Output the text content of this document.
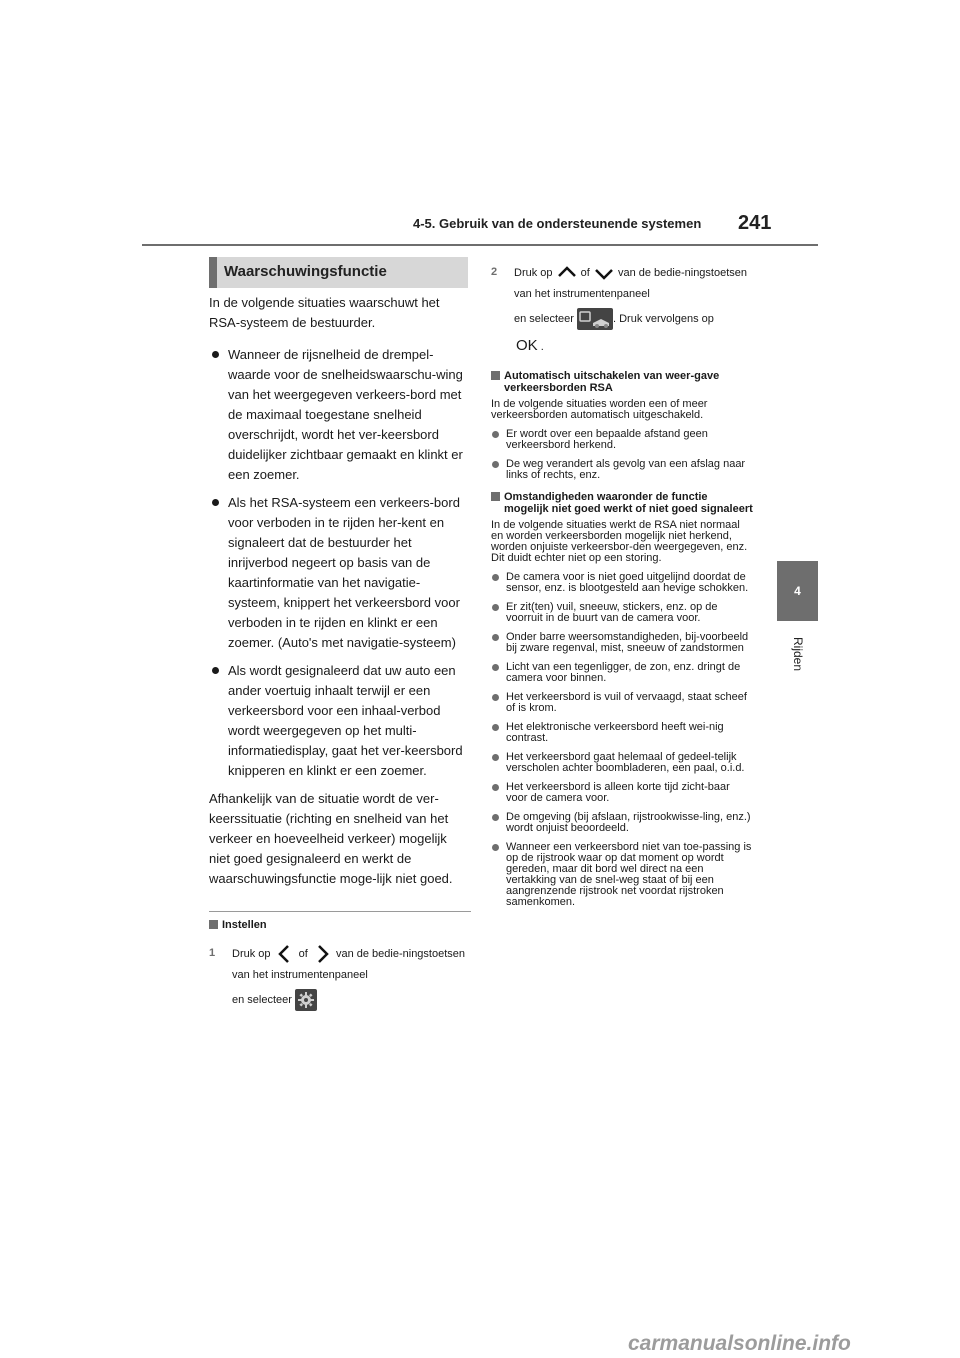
4-5. Gebruik van de ondersteunende systemen 241
4
Rijden
Waarschuwingsfunctie

In de volgende situaties waarschuwt het RSA-systeem de bestuurder.

Wanneer de rijsnelheid de drempel-waarde voor de snelheidswaarschu-wing van het weergegeven verkeers-bord met de maximaal toegestane snelheid overschrijdt, wordt het ver-keersbord duidelijker zichtbaar gemaakt en klinkt er een zoemer.
Als het RSA-systeem een verkeers-bord voor verboden in te rijden her-kent en signaleert dat de bestuurder het inrijverbod negeert op basis van de kaartinformatie van het navigatie-systeem, knippert het verkeersbord voor verboden in te rijden en klinkt er een zoemer. (Auto's met navigatie-systeem)
Als wordt gesignaleerd dat uw auto een ander voertuig inhaalt terwijl er een verkeersbord voor een inhaal-verbod wordt weergegeven op het multi-informatiedisplay, gaat het ver-keersbord knipperen en klinkt er een zoemer.

Afhankelijk van de situatie wordt de ver-keerssituatie (richting en snelheid van het verkeer en hoeveelheid verkeer) mogelijk niet goed gesignaleerd en werkt de waarschuwingsfunctie moge-lijk niet goed.

Instellen
1 Druk op	of	van de bedie-ningstoetsen van het instrumentenpaneel
en selecteer
2 Druk op	of	van de bedie-ningstoetsen van het instrumentenpaneel
en selecteer	. Druk vervolgens op
OK .
Automatisch uitschakelen van weer-gave verkeersborden RSA

In de volgende situaties worden een of meer verkeersborden automatisch uitgeschakeld.

Er wordt over een bepaalde afstand geen verkeersbord herkend.
De weg verandert als gevolg van een afslag naar links of rechts, enz.
Omstandigheden waaronder de functie mogelijk niet goed werkt of niet goed signaleert

In de volgende situaties werkt de RSA niet normaal en worden verkeersborden mogelijk niet herkend, worden onjuiste verkeersbor-den weergegeven, enz. Dit duidt echter niet op een storing.

De camera voor is niet goed uitgelijnd doordat de sensor, enz. is blootgesteld aan hevige schokken.
Er zit(ten) vuil, sneeuw, stickers, enz. op de voorruit in de buurt van de camera voor.
Onder barre weersomstandigheden, bij-voorbeeld bij zware regenval, mist, sneeuw of zandstormen
Licht van een tegenligger, de zon, enz. dringt de camera voor binnen.
Het verkeersbord is vuil of vervaagd, staat scheef of is krom.
Het elektronische verkeersbord heeft wei-nig contrast.
Het verkeersbord gaat helemaal of gedeel-telijk verscholen achter boombladeren, een paal, o.i.d.
Het verkeersbord is alleen korte tijd zicht-baar voor de camera voor.
De omgeving (bij afslaan, rijstrookwisse-ling, enz.) wordt onjuist beoordeeld.
Wanneer een verkeersbord niet van toe-passing is op de rijstrook waar op dat moment op wordt gereden, maar dit bord wel direct na een vertakking van de snel-weg staat of bij een aangrenzende rijstrook net voordat rijstroken samenkomen.
carmanualsonline.info
